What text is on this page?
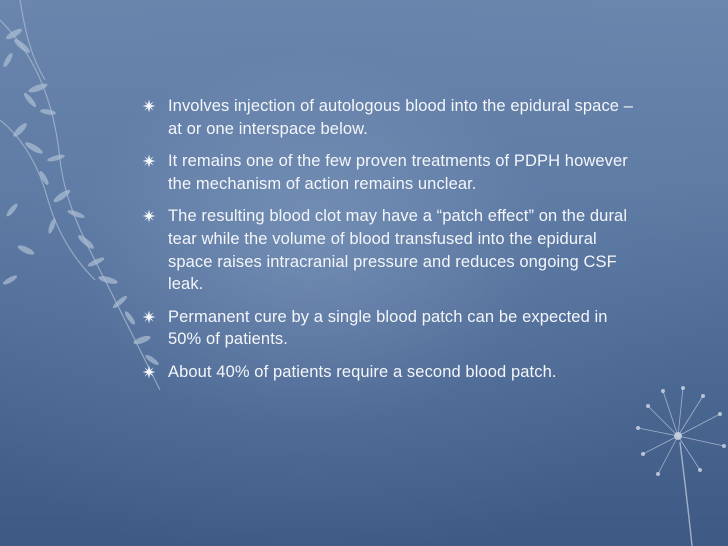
Involves injection of autologous blood into the epidural space – at or one interspace below.
It remains one of the few proven treatments of PDPH however the mechanism of action remains unclear.
The resulting blood clot may have a “patch effect” on the dural tear while the volume of blood transfused into the epidural space raises intracranial pressure and reduces ongoing CSF leak.
Permanent cure by a single blood patch can be expected in 50% of patients.
About 40% of patients require a second blood patch.
